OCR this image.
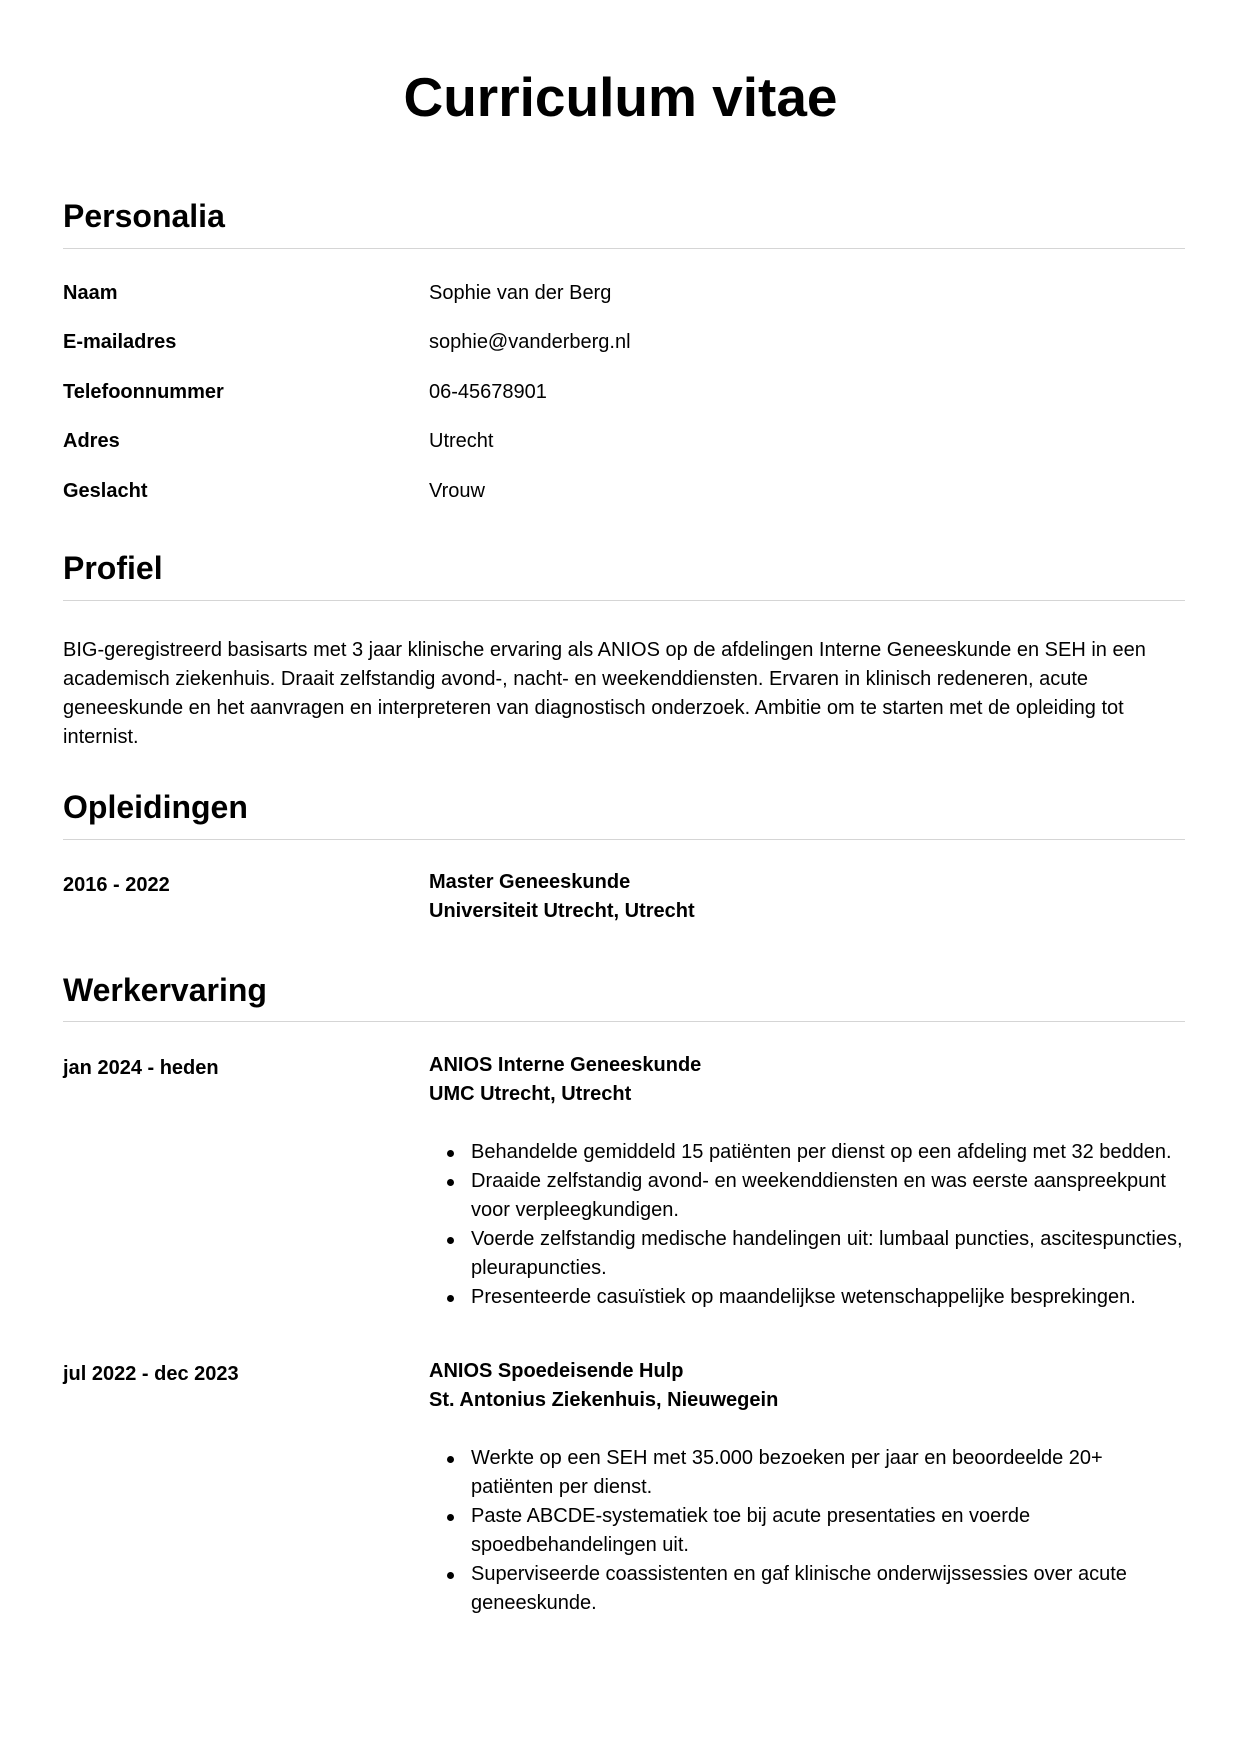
Curriculum vitae
Personalia
Naam	Sophie van der Berg
E-mailadres	sophie@vanderberg.nl
Telefoonnummer	06-45678901
Adres	Utrecht
Geslacht	Vrouw
Profiel

BIG-geregistreerd basisarts met 3 jaar klinische ervaring als ANIOS op de afdelingen Interne Geneeskunde en SEH in een academisch ziekenhuis. Draait zelfstandig avond-, nacht- en weekenddiensten. Ervaren in klinisch redeneren, acute geneeskunde en het aanvragen en interpreteren van diagnostisch onderzoek. Ambitie om te starten met de opleiding tot internist.

Opleidingen
2016 - 2022	Master Geneeskunde
Universiteit Utrecht, Utrecht
Werkervaring
jan 2024 - heden	ANIOS Interne Geneeskunde
UMC Utrecht, Utrecht
Behandelde gemiddeld 15 patiënten per dienst op een afdeling met 32 bedden.
Draaide zelfstandig avond- en weekenddiensten en was eerste aanspreekpunt voor verpleegkundigen.
Voerde zelfstandig medische handelingen uit: lumbaal puncties, ascitespuncties, pleurapuncties.
Presenteerde casuïstiek op maandelijkse wetenschappelijke besprekingen.
jul 2022 - dec 2023	ANIOS Spoedeisende Hulp
St. Antonius Ziekenhuis, Nieuwegein
Werkte op een SEH met 35.000 bezoeken per jaar en beoordeelde 20+ patiënten per dienst.
Paste ABCDE-systematiek toe bij acute presentaties en voerde spoedbehandelingen uit.
Superviseerde coassistenten en gaf klinische onderwijssessies over acute geneeskunde.
